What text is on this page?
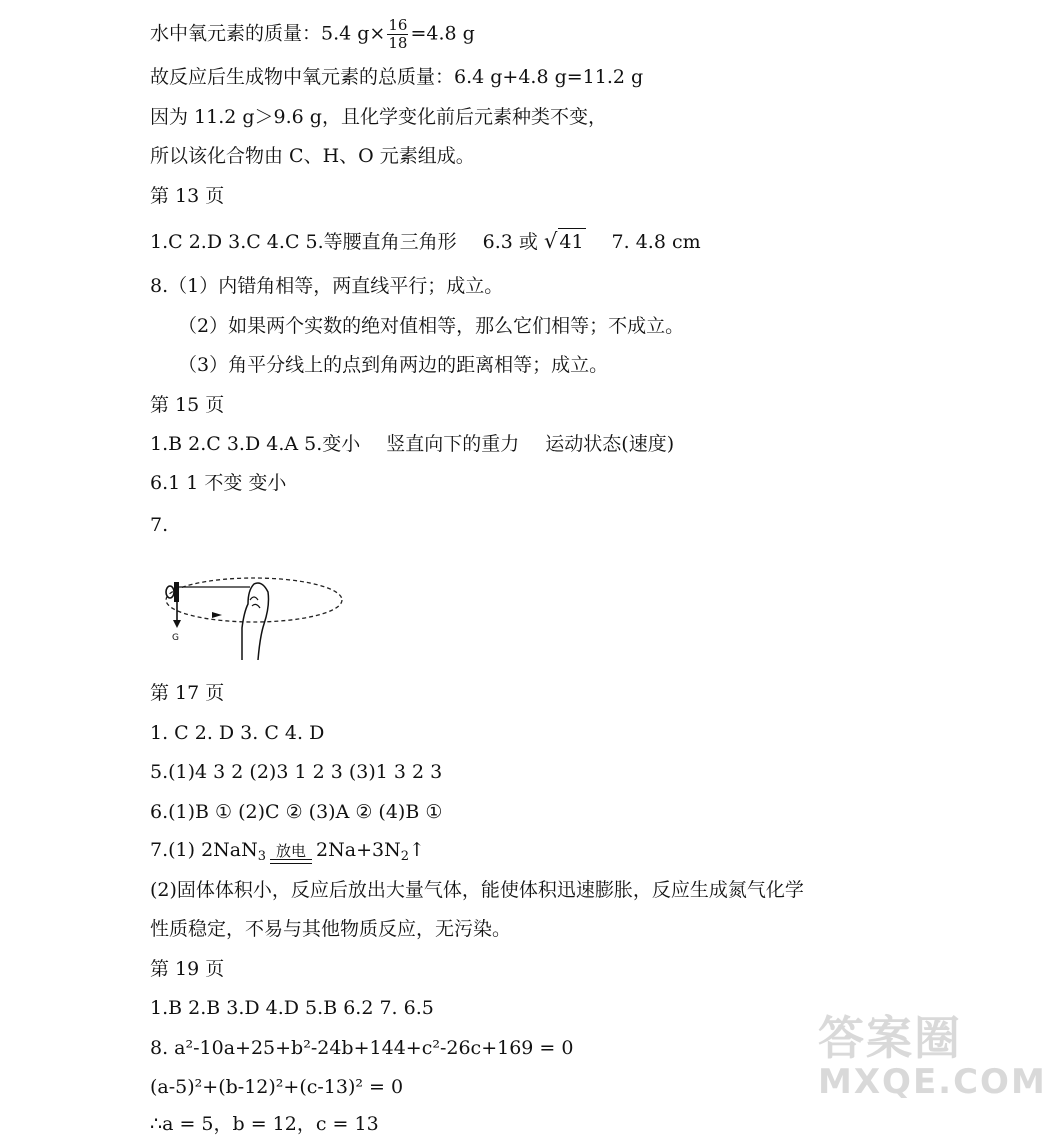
水中氧元素的质量：5.4 $g\times \frac{16}{18} =4.8$ g
故反应后生成物中氧元素的总质量：6.4 g+4.8 g=11.2 g
因为 11.2 g＞9.6 g，且化学变化前后元素种类不变，
所以该化合物由 C、H、O 元素组成。
第 13 页
1.C 2.D 3.C 4.C 5.等腰直角三角形 6.3 或 √ 41 7. 4.8 cm
8.（1）内错角相等，两直线平行；成立。
（2）如果两个实数的绝对值相等，那么它们相等；不成立。
（3）角平分线上的点到角两边的距离相等；成立。
第 15 页
1.B 2.C 3.D 4.A 5.变小 竖直向下的重力 运动状态(速度)
6.1 1 不变 变小
7.
G
第 17 页
1. C 2. D 3. C 4. D
5.(1)4 3 2 (2)3 1 2 3 (3)1 3 2 3
6.(1)B ① (2)C ② (3)A ② (4)B ①
7.(1) 2NaN$_3$ 放电 $2Na+3N_2↑$
(2)固体体积小，反应后放出大量气体，能使体积迅速膨胀，反应生成氮气化学
性质稳定，不易与其他物质反应，无污染。
第 19 页
1.B 2.B 3.D 4.D 5.B 6.2 7. 6.5
8. a²-10a+25+b²-24b+144+c²-26c+169 = 0
(a-5)²+(b-12)²+(c-13)² = 0
∴a = 5，b = 12，c = 13
答案圈
MXQE.COM
